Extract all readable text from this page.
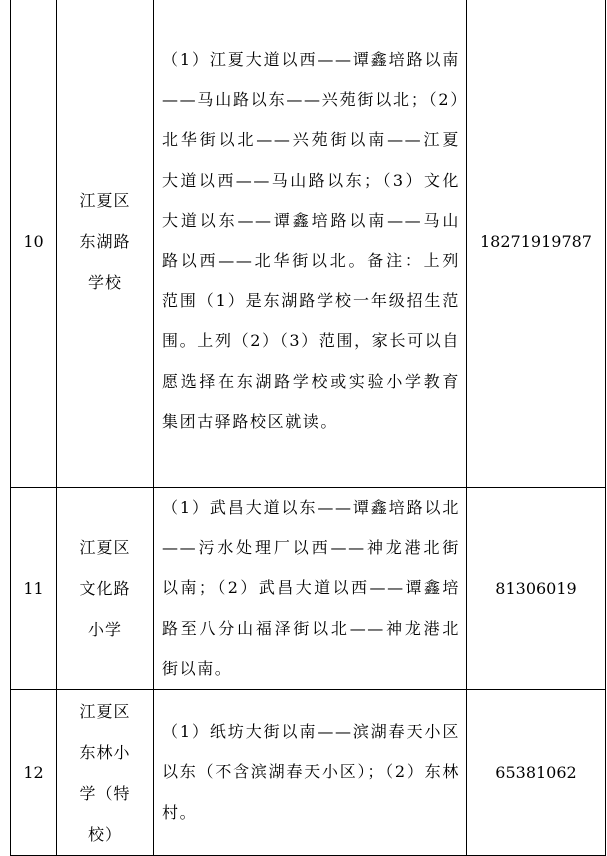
10	江夏区
东湖路
学校	（1）江夏大道以西——谭鑫培路以南——马山路以东——兴苑街以北；（2）北华街以北——兴苑街以南——江夏大道以西——马山路以东；（3）文化大道以东——谭鑫培路以南——马山路以西——北华街以北。备注：上列范围（1）是东湖路学校一年级招生范围。上列（2）（3）范围，家长可以自愿选择在东湖路学校或实验小学教育集团古驿路校区就读。	18271919787
11	江夏区
文化路
小学	（1）武昌大道以东——谭鑫培路以北——污水处理厂以西——神龙港北街以南；（2）武昌大道以西——谭鑫培路至八分山福泽街以北——神龙港北街以南。	81306019
12	江夏区
东林小
学（特
校）	（1）纸坊大街以南——滨湖春天小区以东（不含滨湖春天小区）；（2）东林村。	65381062
